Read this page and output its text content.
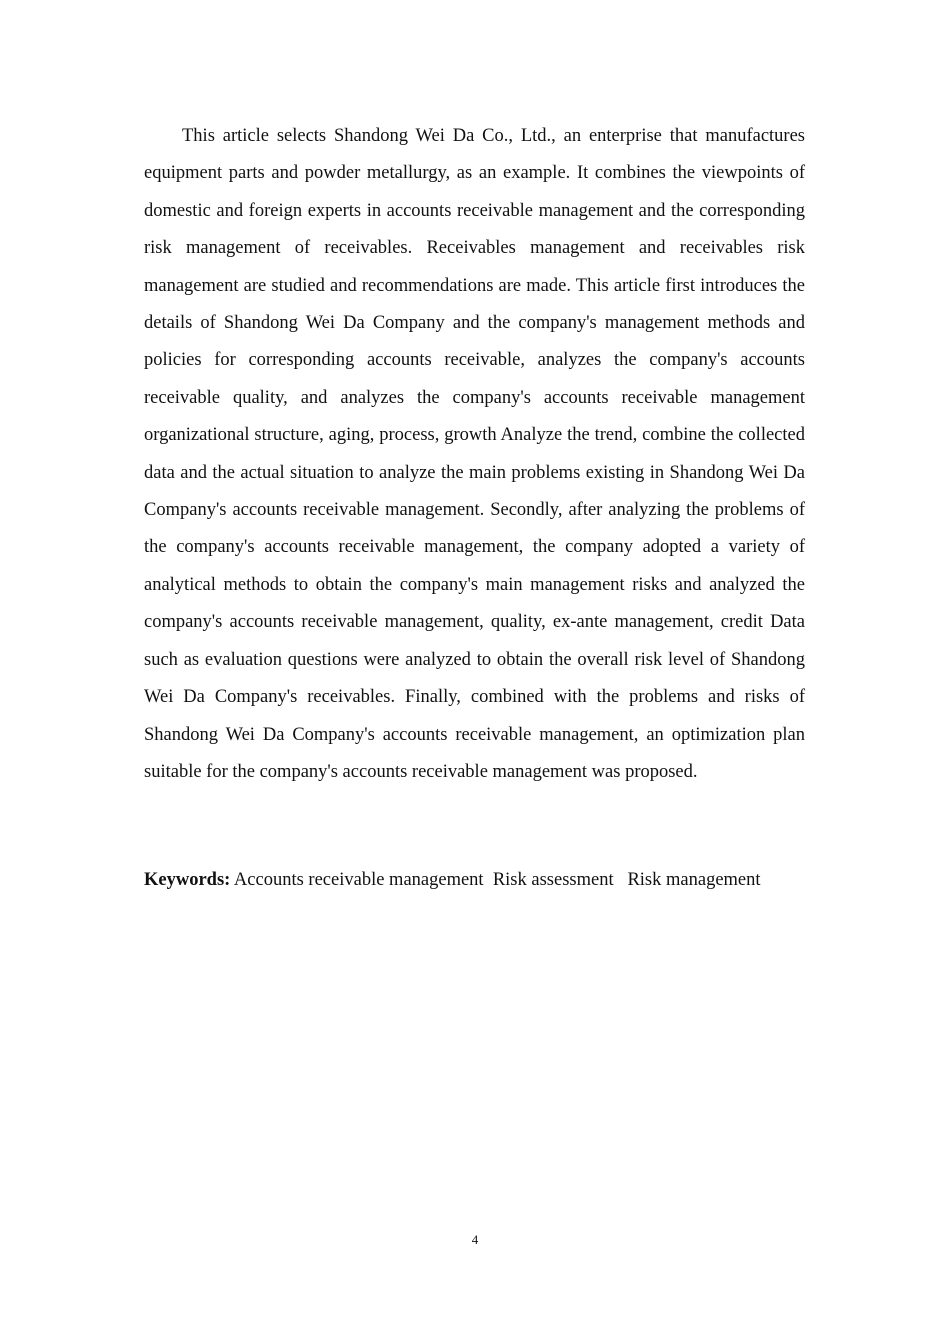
This article selects Shandong Wei Da Co., Ltd., an enterprise that manufactures equipment parts and powder metallurgy, as an example. It combines the viewpoints of domestic and foreign experts in accounts receivable management and the corresponding risk management of receivables. Receivables management and receivables risk management are studied and recommendations are made. This article first introduces the details of Shandong Wei Da Company and the company's management methods and policies for corresponding accounts receivable, analyzes the company's accounts receivable quality, and analyzes the company's accounts receivable management organizational structure, aging, process, growth Analyze the trend, combine the collected data and the actual situation to analyze the main problems existing in Shandong Wei Da Company's accounts receivable management. Secondly, after analyzing the problems of the company's accounts receivable management, the company adopted a variety of analytical methods to obtain the company's main management risks and analyzed the company's accounts receivable management, quality, ex-ante management, credit Data such as evaluation questions were analyzed to obtain the overall risk level of Shandong Wei Da Company's receivables. Finally, combined with the problems and risks of Shandong Wei Da Company's accounts receivable management, an optimization plan suitable for the company's accounts receivable management was proposed.

Keywords: Accounts receivable management  Risk assessment   Risk management

4
